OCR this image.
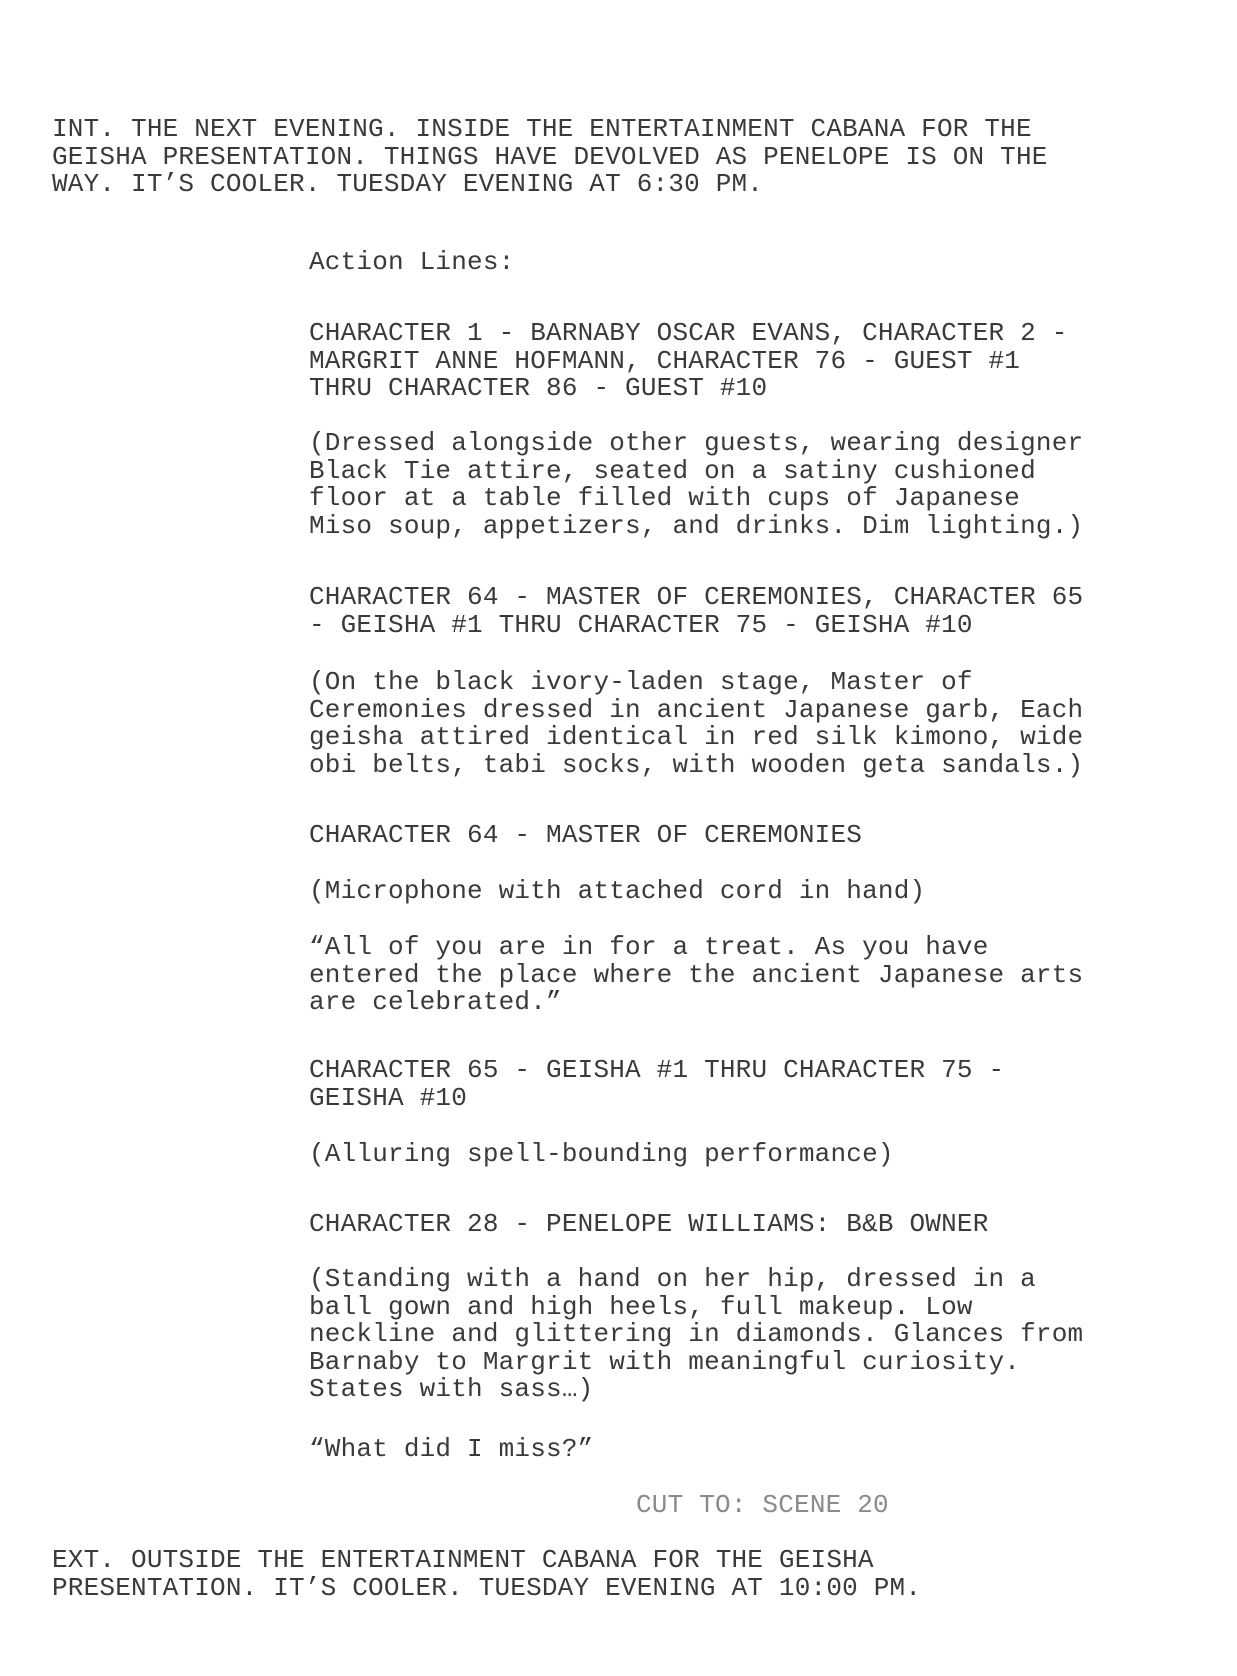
INT. THE NEXT EVENING. INSIDE THE ENTERTAINMENT CABANA FOR THE
GEISHA PRESENTATION. THINGS HAVE DEVOLVED AS PENELOPE IS ON THE
WAY. IT’S COOLER. TUESDAY EVENING AT 6:30 PM.

Action Lines:

CHARACTER 1 - BARNABY OSCAR EVANS, CHARACTER 2 -
MARGRIT ANNE HOFMANN, CHARACTER 76 - GUEST #1
THRU CHARACTER 86 - GUEST #10

(Dressed alongside other guests, wearing designer
Black Tie attire, seated on a satiny cushioned
floor at a table filled with cups of Japanese
Miso soup, appetizers, and drinks. Dim lighting.)

CHARACTER 64 - MASTER OF CEREMONIES, CHARACTER 65
- GEISHA #1 THRU CHARACTER 75 - GEISHA #10

(On the black ivory-laden stage, Master of
Ceremonies dressed in ancient Japanese garb, Each
geisha attired identical in red silk kimono, wide
obi belts, tabi socks, with wooden geta sandals.)

CHARACTER 64 - MASTER OF CEREMONIES

(Microphone with attached cord in hand)

“All of you are in for a treat. As you have
entered the place where the ancient Japanese arts
are celebrated.”

CHARACTER 65 - GEISHA #1 THRU CHARACTER 75 -
GEISHA #10

(Alluring spell-bounding performance)

CHARACTER 28 - PENELOPE WILLIAMS: B&B OWNER

(Standing with a hand on her hip, dressed in a
ball gown and high heels, full makeup. Low
neckline and glittering in diamonds. Glances from
Barnaby to Margrit with meaningful curiosity.
States with sass…)

“What did I miss?”

CUT TO: SCENE 20

EXT. OUTSIDE THE ENTERTAINMENT CABANA FOR THE GEISHA
PRESENTATION. IT’S COOLER. TUESDAY EVENING AT 10:00 PM.
